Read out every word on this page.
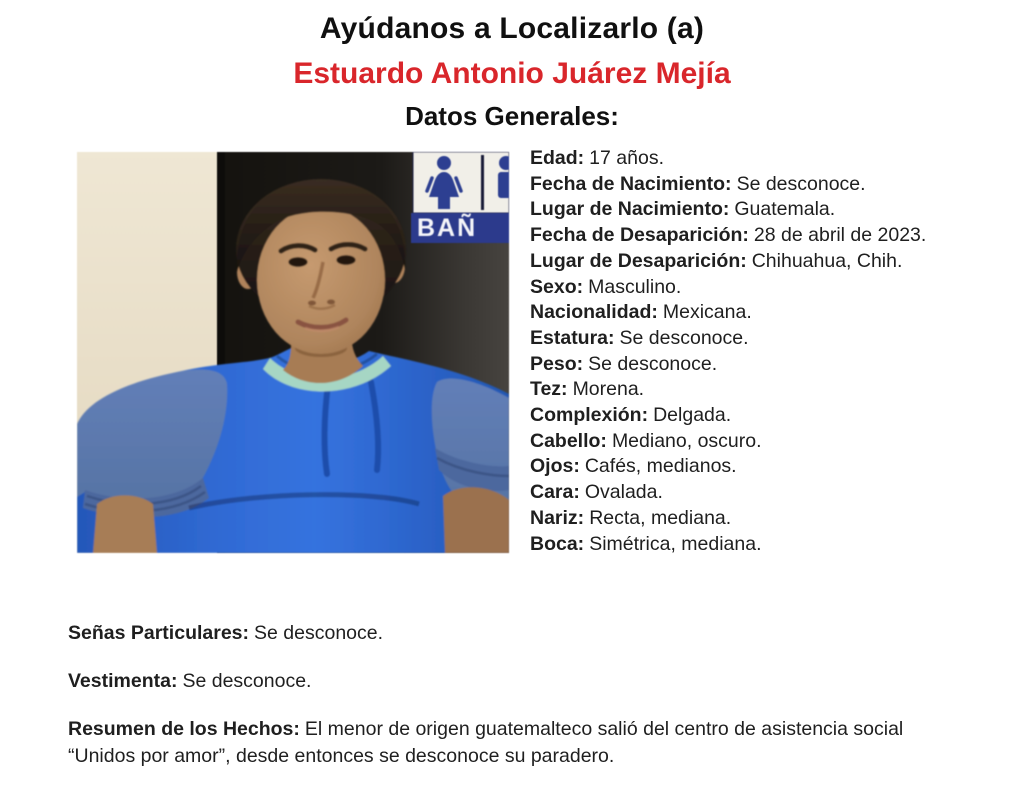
Ayúdanos a Localizarlo (a)
Estuardo Antonio Juárez Mejía
Datos Generales:
BAÑ
Edad: 17 años.
Fecha de Nacimiento: Se desconoce.
Lugar de Nacimiento: Guatemala.
Fecha de Desaparición: 28 de abril de 2023.
Lugar de Desaparición: Chihuahua, Chih.
Sexo: Masculino.
Nacionalidad: Mexicana.
Estatura: Se desconoce.
Peso: Se desconoce.
Tez: Morena.
Complexión: Delgada.
Cabello: Mediano, oscuro.
Ojos: Cafés, medianos.
Cara: Ovalada.
Nariz: Recta, mediana.
Boca: Simétrica, mediana.

Señas Particulares: Se desconoce.

Vestimenta: Se desconoce.

Resumen de los Hechos: El menor de origen guatemalteco salió del centro de asistencia social “Unidos por amor”, desde entonces se desconoce su paradero.
